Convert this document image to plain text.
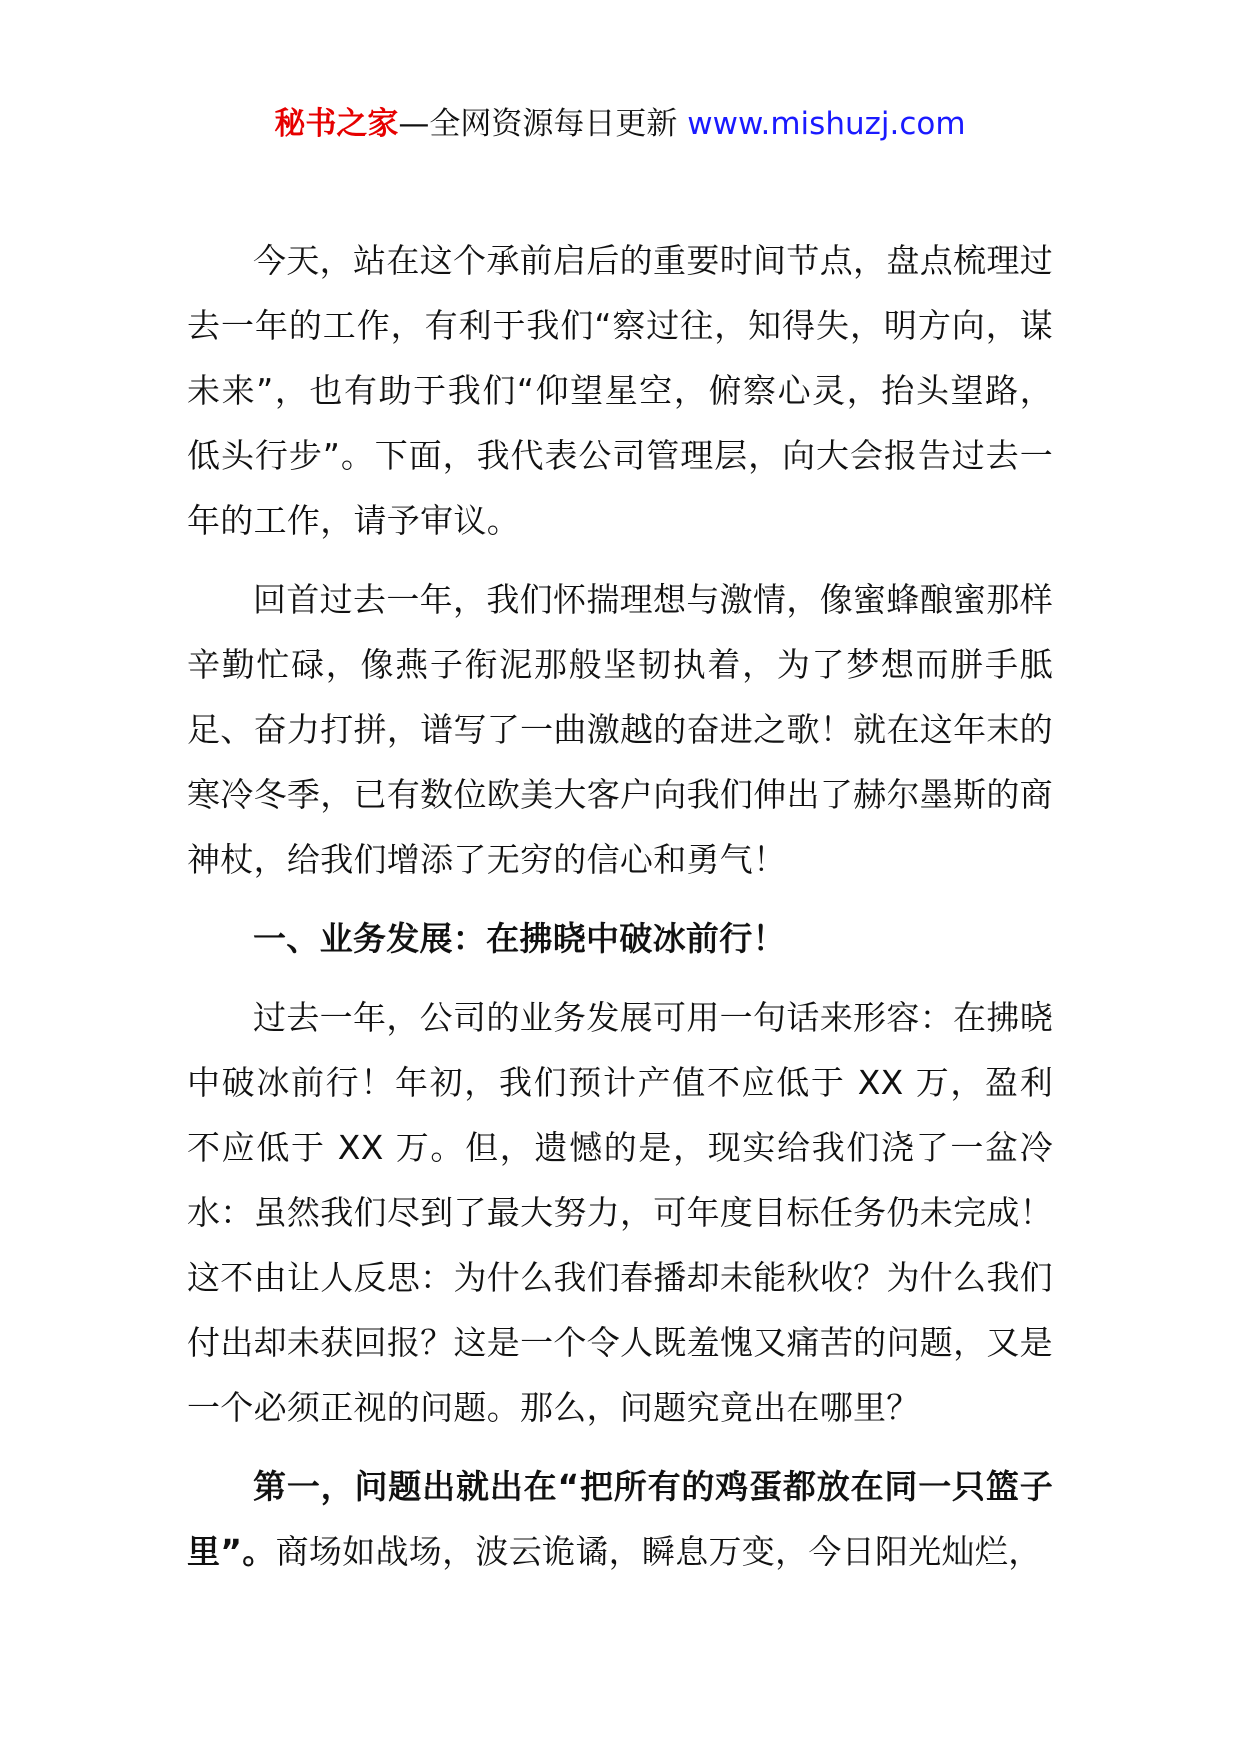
秘书之家—全网资源每日更新 www.mishuzj.com

今天，站在这个承前启后的重要时间节点，盘点梳理过去一年的工作，有利于我们“察过往，知得失，明方向，谋未来”，也有助于我们“仰望星空，俯察心灵，抬头望路，低头行步”。下面，我代表公司管理层，向大会报告过去一年的工作，请予审议。

回首过去一年，我们怀揣理想与激情，像蜜蜂酿蜜那样辛勤忙碌，像燕子衔泥那般坚韧执着，为了梦想而胼手胝足、奋力打拼，谱写了一曲激越的奋进之歌！就在这年末的寒冷冬季，已有数位欧美大客户向我们伸出了赫尔墨斯的商神杖，给我们增添了无穷的信心和勇气！

一、业务发展：在拂晓中破冰前行！

过去一年，公司的业务发展可用一句话来形容：在拂晓中破冰前行！年初，我们预计产值不应低于 XX 万，盈利不应低于 XX 万。但，遗憾的是，现实给我们浇了一盆冷水：虽然我们尽到了最大努力，可年度目标任务仍未完成！这不由让人反思：为什么我们春播却未能秋收？为什么我们付出却未获回报？这是一个令人既羞愧又痛苦的问题，又是一个必须正视的问题。那么，问题究竟出在哪里？

第一，问题出就出在“把所有的鸡蛋都放在同一只篮子里”。商场如战场，波云诡谲，瞬息万变，今日阳光灿烂，
